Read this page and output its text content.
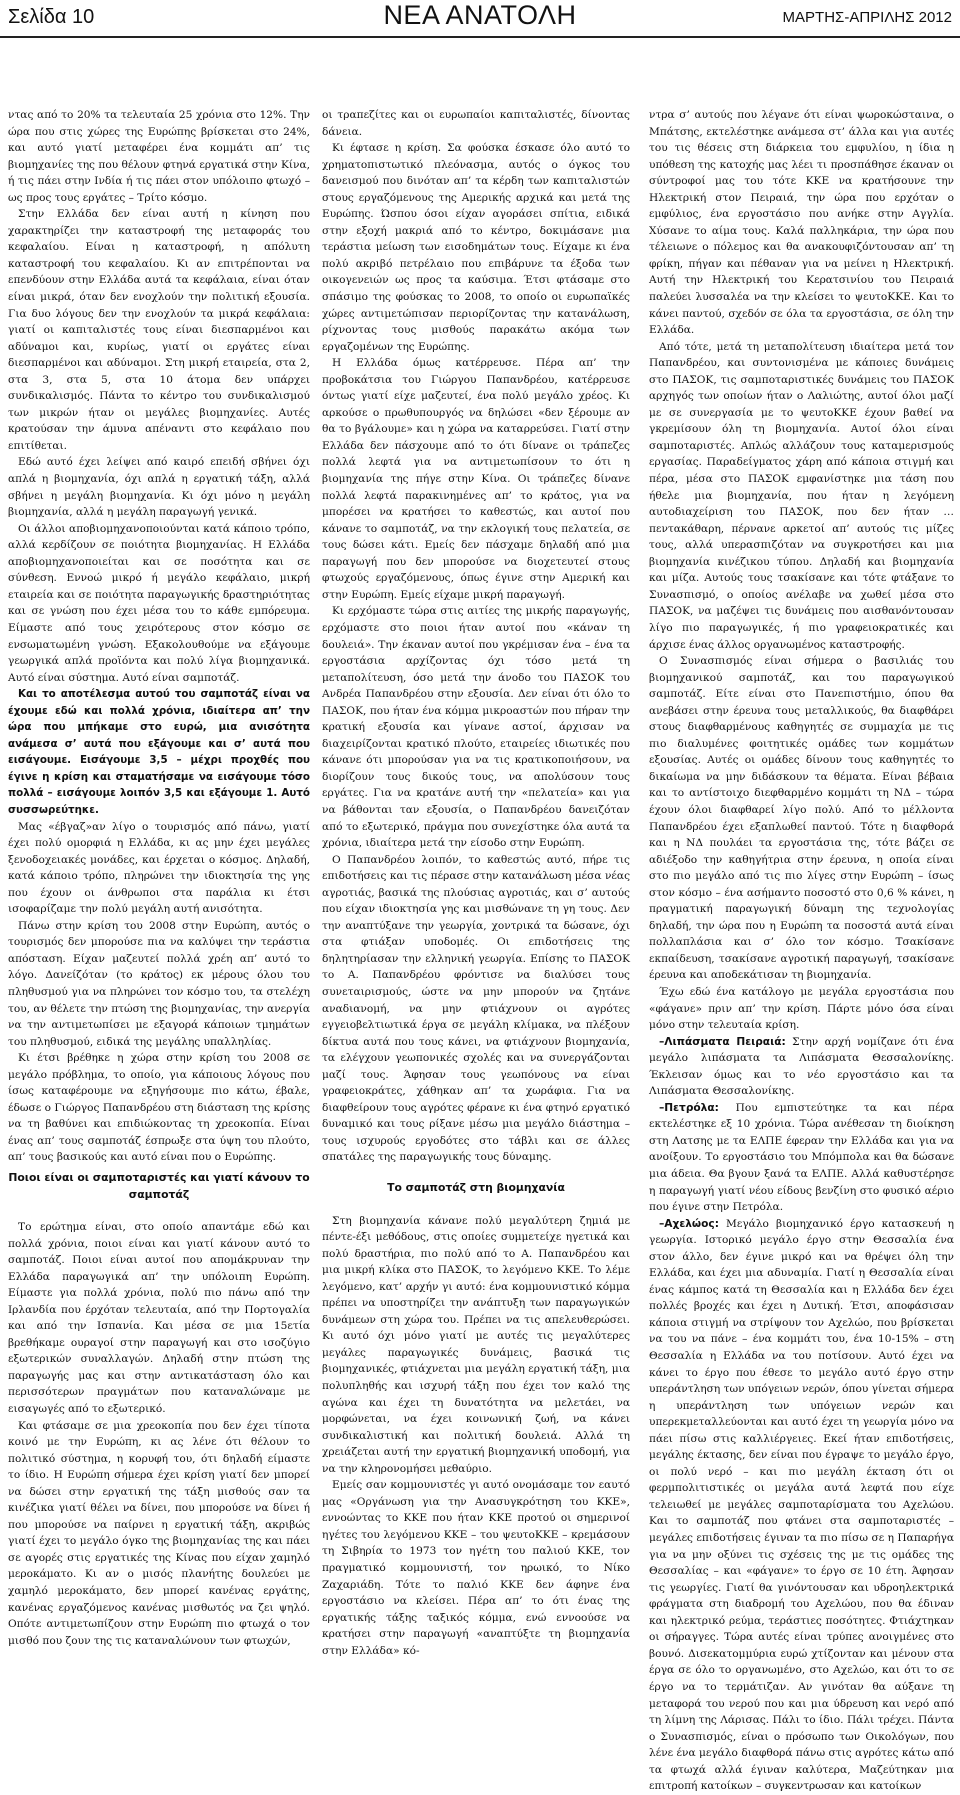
Σελίδα 10	ΝΕΑ ΑΝΑΤΟΛΗ	ΜΑΡΤΗΣ-ΑΠΡΙΛΗΣ 2012

ντας από το 20% τα τελευταία 25 χρόνια στο 12%. Την ώρα που στις χώρες της Ευρώπης βρίσκεται στο 24%, και αυτό γιατί μεταφέρει ένα κομμάτι απ’ τις βιομηχανίες της που θέλουν φτηνά εργατικά στην Κίνα, ή τις πάει στην Ινδία ή τις πάει στον υπόλοιπο φτωχό – ως προς τους εργάτες – Τρίτο κόσμο.

Στην Ελλάδα δεν είναι αυτή η κίνηση που χαρακτηρίζει την καταστροφή της μεταφοράς του κεφαλαίου. Είναι η καταστροφή, η απόλυτη καταστροφή του κεφαλαίου. Κι αν επιτρέπονται να επενδύουν στην Ελλάδα αυτά τα κεφάλαια, είναι όταν είναι μικρά, όταν δεν ενοχλούν την πολιτική εξουσία. Για δυο λόγους δεν την ενοχλούν τα μικρά κεφάλαια: γιατί οι καπιταλιστές τους είναι διεσπαρμένοι και αδύναμοι και, κυρίως, γιατί οι εργάτες είναι διεσπαρμένοι και αδύναμοι. Στη μικρή εταιρεία, στα 2, στα 3, στα 5, στα 10 άτομα δεν υπάρχει συνδικαλισμός. Πάντα το κέντρο του συνδικαλισμού των μικρών ήταν οι μεγάλες βιομηχανίες. Αυτές κρατούσαν την άμυνα απέναντι στο κεφάλαιο που επιτίθεται.

Εδώ αυτό έχει λείψει από καιρό επειδή σβήνει όχι απλά η βιομηχανία, όχι απλά η εργατική τάξη, αλλά σβήνει η μεγάλη βιομηχανία. Κι όχι μόνο η μεγάλη βιομηχανία, αλλά η μεγάλη παραγωγή γενικά.

Οι άλλοι αποβιομηχανοποιούνται κατά κάποιο τρόπο, αλλά κερδίζουν σε ποιότητα βιομηχανίας. Η Ελλάδα αποβιομηχανοποιείται και σε ποσότητα και σε σύνθεση. Εννοώ μικρό ή μεγάλο κεφάλαιο, μικρή εταιρεία και σε ποιότητα παραγωγικής δραστηριότητας και σε γνώση που έχει μέσα του το κάθε εμπόρευμα. Είμαστε από τους χειρότερους στον κόσμο σε ενσωματωμένη γνώση. Εξακολουθούμε να εξάγουμε γεωργικά απλά προϊόντα και πολύ λίγα βιομηχανικά. Αυτό είναι σύστημα. Αυτό είναι σαμποτάζ.

Και το αποτέλεσμα αυτού του σαμποτάζ είναι να έχουμε εδώ και πολλά χρόνια, ιδιαίτερα απ’ την ώρα που μπήκαμε στο ευρώ, μια ανισότητα ανάμεσα σ’ αυτά που εξάγουμε και σ’ αυτά που εισάγουμε. Εισάγουμε 3,5 – μέχρι προχθές που έγινε η κρίση και σταματήσαμε να εισάγουμε τόσο πολλά – εισάγουμε λοιπόν 3,5 και εξάγουμε 1. Αυτό συσσωρεύτηκε.

Μας «έβγαζ»αν λίγο ο τουρισμός από πάνω, γιατί έχει πολύ ομορφιά η Ελλάδα, κι ας μην έχει μεγάλες ξενοδοχειακές μονάδες, και έρχεται ο κόσμος. Δηλαδή, κατά κάποιο τρόπο, πληρώνει την ιδιοκτησία της γης που έχουν οι άνθρωποι στα παράλια κι έτσι ισοφαρίζαμε την πολύ μεγάλη αυτή ανισότητα.

Πάνω στην κρίση του 2008 στην Ευρώπη, αυτός ο τουρισμός δεν μπορούσε πια να καλύψει την τεράστια απόσταση. Είχαν μαζευτεί πολλά χρέη απ’ αυτό το λόγο. Δανείζόταν (το κράτος) εκ μέρους όλου του πληθυσμού για να πληρώνει τον κόσμο του, τα στελέχη του, αν θέλετε την πτώση της βιομηχανίας, την ανεργία να την αντιμετωπίσει με εξαγορά κάποιων τμημάτων του πληθυσμού, ειδικά της μεγάλης υπαλληλίας.

Κι έτσι βρέθηκε η χώρα στην κρίση του 2008 σε μεγάλο πρόβλημα, το οποίο, για κάποιους λόγους που ίσως καταφέρουμε να εξηγήσουμε πιο κάτω, έβαλε, έδωσε ο Γιώργος Παπανδρέου στη διάσταση της κρίσης να τη βαθύνει και επιδιώκοντας τη χρεοκοπία. Είναι ένας απ’ τους σαμποτάζ έσπρωξε στα ύψη του πλούτο, απ’ τους βασικούς και αυτό είναι που ο Ευρώπης.

Ποιοι είναι οι σαμποταριστές και γιατί κάνουν το σαμποτάζ

Το ερώτημα είναι, στο οποίο απαντάμε εδώ και πολλά χρόνια, ποιοι είναι και γιατί κάνουν αυτό το σαμποτάζ. Ποιοι είναι αυτοί που απομάκρυναν την Ελλάδα παραγωγικά απ’ την υπόλοιπη Ευρώπη. Είμαστε για πολλά χρόνια, πολύ πιο πάνω από την Ιρλανδία που έρχόταν τελευταία, από την Πορτογαλία και από την Ισπανία. Και μέσα σε μια 15ετία βρεθήκαμε ουραγοί στην παραγωγή και στο ισοζύγιο εξωτερικών συναλλαγών. Δηλαδή στην πτώση της παραγωγής μας και στην αντικατάσταση όλο και περισσότερων πραγμάτων που καταναλώναμε με εισαγωγές από το εξωτερικό.

Και φτάσαμε σε μια χρεοκοπία που δεν έχει τίποτα κοινό με την Ευρώπη, κι ας λένε ότι θέλουν το πολιτικό σύστημα, η κορυφή του, ότι δηλαδή είμαστε το ίδιο. Η Ευρώπη σήμερα έχει κρίση γιατί δεν μπορεί να δώσει στην εργατική της τάξη μισθούς σαν τα κινέζικα γιατί θέλει να δίνει, που μπορούσε να δίνει ή που μπορούσε να παίρνει η εργατική τάξη, ακριβώς γιατί έχει το μεγάλο όγκο της βιομηχανίας της και πάει σε αγορές στις εργατικές της Κίνας που είχαν χαμηλό μεροκάματο. Κι αν ο μισός πλανήτης δουλεύει με χαμηλό μεροκάματο, δεν μπορεί κανένας εργάτης, κανένας εργαζόμενος κανένας μισθωτός να ζει ψηλό. Οπότε αντιμετωπίζουν στην Ευρώπη πιο φτωχά ο τον μισθό που ζουν της τις καταναλώνουν των φτωχών,

οι τραπεζίτες και οι ευρωπαίοι καπιταλιστές, δίνοντας δάνεια.

Κι έφτασε η κρίση. Σα φούσκα έσκασε όλο αυτό το χρηματοπιστωτικό πλεόνασμα, αυτός ο όγκος του δανεισμού που δινόταν απ’ τα κέρδη των καπιταλιστών στους εργαζόμενους της Αμερικής αρχικά και μετά της Ευρώπης. Ώσπου όσοι είχαν αγοράσει σπίτια, ειδικά στην εξοχή μακριά από το κέντρο, δοκιμάσανε μια τεράστια μείωση των εισοδημάτων τους. Είχαμε κι ένα πολύ ακριβό πετρέλαιο που επιβάρυνε τα έξοδα των οικογενειών ως προς τα καύσιμα. Έτσι φτάσαμε στο σπάσιμο της φούσκας το 2008, το οποίο οι ευρωπαϊκές χώρες αντιμετώπισαν περιορίζοντας την κατανάλωση, ρίχνοντας τους μισθούς παρακάτω ακόμα των εργαζομένων της Ευρώπης.

Η Ελλάδα όμως κατέρρευσε. Πέρα απ’ την προβοκάτσια του Γιώργου Παπανδρέου, κατέρρευσε όντως γιατί είχε μαζευτεί, ένα πολύ μεγάλο χρέος. Κι αρκούσε ο πρωθυπουργός να δηλώσει «δεν ξέρουμε αν θα το βγάλουμε» και η χώρα να καταρρεύσει. Γιατί στην Ελλάδα δεν πάσχουμε από το ότι δίνανε οι τράπεζες πολλά λεφτά για να αντιμετωπίσουν το ότι η βιομηχανία της πήγε στην Κίνα. Οι τράπεζες δίνανε πολλά λεφτά παρακινημένες απ’ το κράτος, για να μπορέσει να κρατήσει το καθεστώς, και αυτοί που κάνανε το σαμποτάζ, να την εκλογική τους πελατεία, σε τους δώσει κάτι. Εμείς δεν πάσχαμε δηλαδή από μια παραγωγή που δεν μπορούσε να διοχετευτεί στους φτωχούς εργαζόμενους, όπως έγινε στην Αμερική και στην Ευρώπη. Εμείς είχαμε μικρή παραγωγή.

Κι ερχόμαστε τώρα στις αιτίες της μικρής παραγωγής, ερχόμαστε στο ποιοι ήταν αυτοί που «κάναν τη δουλειά». Την έκαναν αυτοί που γκρέμισαν ένα – ένα τα εργοστάσια αρχίζοντας όχι τόσο μετά τη μεταπολίτευση, όσο μετά την άνοδο του ΠΑΣΟΚ του Ανδρέα Παπανδρέου στην εξουσία. Δεν είναι ότι όλο το ΠΑΣΟΚ, που ήταν ένα κόμμα μικροαστών που πήραν την κρατική εξουσία και γίνανε αστοί, άρχισαν να διαχειρίζονται κρατικό πλούτο, εταιρείες ιδιωτικές που κάνανε ότι μπορούσαν για να τις κρατικοποιήσουν, να διορίζουν τους δικούς τους, να απολύσουν τους εργάτες. Για να κρατάνε αυτή την «πελατεία» και για να βάθονται ταν εξουσία, ο Παπανδρέου δανειζόταν από το εξωτερικό, πράγμα που συνεχίστηκε όλα αυτά τα χρόνια, ιδιαίτερα μετά την είσοδο στην Ευρώπη.

Ο Παπανδρέου λοιπόν, το καθεστώς αυτό, πήρε τις επιδοτήσεις και τις πέρασε στην κατανάλωση μέσα νέας αγροτιάς, βασικά της πλούσιας αγροτιάς, και σ’ αυτούς που είχαν ιδιοκτησία γης και μισθώνανε τη γη τους. Δεν την αναπτύξανε την γεωργία, χοντρικά τα δώσανε, όχι στα φτιάξαν υποδομές. Οι επιδοτήσεις της δηλητηρίασαν την ελληνική γεωργία. Επίσης το ΠΑΣΟΚ το Α. Παπανδρέου φρόντισε να διαλύσει τους συνεταιρισμούς, ώστε να μην μπορούν να ζητάνε αναδιανομή, να μην φτιάχνουν οι αγρότες εγγειοβελτιωτικά έργα σε μεγάλη κλίμακα, να πλέξουν δίκτυα αυτά που τους κάνει, να φτιάχνουν βιομηχανία, τα ελέγχουν γεωπονικές σχολές και να συνεργάζονται μαζί τους. Άφησαν τους γεωπόνους να είναι γραφειοκράτες, χάθηκαν απ’ τα χωράφια. Για να διαφθείρουν τους αγρότες φέρανε κι ένα φτηνό εργατικό δυναμικό και τους ρίξανε μέσω μια μεγάλο διάστημα – τους ισχυρούς εργοδότες στο τάβλι και σε άλλες σπατάλες της παραγωγικής τους δύναμης.

Το σαμποτάζ στη βιομηχανία

Στη βιομηχανία κάνανε πολύ μεγαλύτερη ζημιά με πέντε-έξι μεθόδους, στις οποίες συμμετείχε ηγετικά και πολύ δραστήρια, πιο πολύ από το Α. Παπανδρέου και μια μικρή κλίκα στο ΠΑΣΟΚ, το λεγόμενο ΚΚΕ. Το λέμε λεγόμενο, κατ’ αρχήν γι αυτό: ένα κομμουνιστικό κόμμα πρέπει να υποστηρίζει την ανάπτυξη των παραγωγικών δυνάμεων στη χώρα του. Πρέπει να τις απελευθερώσει. Κι αυτό όχι μόνο γιατί με αυτές τις μεγαλύτερες μεγάλες παραγωγικές δυνάμεις, βασικά τις βιομηχανικές, φτιάχνεται μια μεγάλη εργατική τάξη, μια πολυπληθής και ισχυρή τάξη που έχει τον καλό της αγώνα και έχει τη δυνατότητα να μελετάει, να μορφώνεται, να έχει κοινωνική ζωή, να κάνει συνδικαλιστική και πολιτική δουλειά. Αλλά τη χρειάζεται αυτή την εργατική βιομηχανική υποδομή, για να την κληρονομήσει μεθαύριο.

Εμείς σαν κομμουνιστές γι αυτό ονομάσαμε τον εαυτό μας «Οργάνωση για την Ανασυγκρότηση του ΚΚΕ», εννοώντας το ΚΚΕ που ήταν ΚΚΕ προτού οι σημερινοί ηγέτες του λεγόμενου ΚΚΕ – του ψευτοΚΚΕ – κρεμάσουν τη Σιβηρία το 1973 τον ηγέτη του παλιού ΚΚΕ, τον πραγματικό κομμουνιστή, τον ηρωικό, το Νίκο Ζαχαριάδη. Τότε το παλιό ΚΚΕ δεν άφηνε ένα εργοστάσιο να κλείσει. Πέρα απ’ το ότι ένας της εργατικής τάξης ταξικός κόμμα, ενώ εννοούσε να κρατήσει στην παραγωγή «αναπτύξτε τη βιομηχανία στην Ελλάδα» κό-

ντρα σ’ αυτούς που λέγανε ότι είναι ψωροκώσταινα, ο Μπάτσης, εκτελέστηκε ανάμεσα στ’ άλλα και για αυτές του τις θέσεις στη διάρκεια του εμφυλίου, η ίδια η υπόθεση της κατοχής μας λέει τι προσπάθησε έκαναν οι σύντροφοί μας του τότε ΚΚΕ να κρατήσουνε την Ηλεκτρική στον Πειραιά, την ώρα που ερχόταν ο εμφύλιος, ένα εργοστάσιο που ανήκε στην Αγγλία. Χύσανε το αίμα τους. Καλά παλληκάρια, την ώρα που τέλειωνε ο πόλεμος και θα ανακουφιζόντουσαν απ’ τη φρίκη, πήγαν και πέθαναν για να μείνει η Ηλεκτρική. Αυτή την Ηλεκτρική του Κερατσινίου του Πειραιά παλεύει λυσσαλέα να την κλείσει το ψευτοΚΚΕ. Και το κάνει παντού, σχεδόν σε όλα τα εργοστάσια, σε όλη την Ελλάδα.

Από τότε, μετά τη μεταπολίτευση ιδιαίτερα μετά τον Παπανδρέου, και συντονισμένα με κάποιες δυνάμεις στο ΠΑΣΟΚ, τις σαμποταριστικές δυνάμεις του ΠΑΣΟΚ αρχηγός των οποίων ήταν ο Λαλιώτης, αυτοί όλοι μαζί με σε συνεργασία με το ψευτοΚΚΕ έχουν βαθεί να γκρεμίσουν όλη τη βιομηχανία. Αυτοί όλοι είναι σαμποταριστές. Απλώς αλλάζουν τους καταμερισμούς εργασίας. Παραδείγματος χάρη από κάποια στιγμή και πέρα, μέσα στο ΠΑΣΟΚ εμφανίστηκε μια τάση που ήθελε μια βιομηχανία, που ήταν η λεγόμενη αυτοδιαχείριση του ΠΑΣΟΚ, που δεν ήταν …πεντακάθαρη, πέρνανε αρκετοί απ’ αυτούς τις μίζες τους, αλλά υπερασπιζόταν να συγκροτήσει και μια βιομηχανία κινέζικου τύπου. Δηλαδή και βιομηχανία και μίζα. Αυτούς τους τσακίσανε και τότε φτάξανε το Συνασπισμό, ο οποίος ανέλαβε να χωθεί μέσα στο ΠΑΣΟΚ, να μαζέψει τις δυνάμεις που αισθανόντουσαν λίγο πιο παραγωγικές, ή πιο γραφειοκρατικές και άρχισε ένας άλλος οργανωμένος καταστροφής.

Ο Συνασπισμός είναι σήμερα ο βασιλιάς του βιομηχανικού σαμποτάζ, και του παραγωγικού σαμποτάζ. Είτε είναι στο Πανεπιστήμιο, όπου θα ανεβάσει στην έρευνα τους μεταλλικούς, θα διαφθάρει στους διαφθαρμένους καθηγητές σε συμμαχία με τις πιο διαλυμένες φοιτητικές ομάδες των κομμάτων εξουσίας. Αυτές οι ομάδες δίνουν τους καθηγητές το δικαίωμα να μην διδάσκουν τα θέματα. Είναι βέβαια και το αντίστοιχο διεφθαρμένο κομμάτι τη ΝΔ – τώρα έχουν όλοι διαφθαρεί λίγο πολύ. Από το μέλλοντα Παπανδρέου έχει εξαπλωθεί παντού. Τότε η διαφθορά και η ΝΔ πουλάει τα εργοστάσια της, τότε βάζει σε αδιέξοδο την καθηγήτρια στην έρευνα, η οποία είναι στο πιο μεγάλο από τις πιο λίγες στην Ευρώπη – ίσως στον κόσμο – ένα ασήμαντο ποσοστό στο 0,6 % κάνει, η πραγματική παραγωγική δύναμη της τεχνολογίας δηλαδή, την ώρα που η Ευρώπη τα ποσοστά αυτά είναι πολλαπλάσια και σ’ όλο τον κόσμο. Τσακίσανε εκπαίδευση, τσακίσανε αγροτική παραγωγή, τσακίσανε έρευνα και αποδεκάτισαν τη βιομηχανία.

Έχω εδώ ένα κατάλογο με μεγάλα εργοστάσια που «φάγανε» πριν απ’ την κρίση. Πάρτε μόνο όσα είναι μόνο στην τελευταία κρίση.

–Λιπάσματα Πειραιά: Στην αρχή νομίζανε ότι ένα μεγάλο λιπάσματα τα Λιπάσματα Θεσσαλονίκης. Έκλεισαν όμως και το νέο εργοστάσιο και τα Λιπάσματα Θεσσαλονίκης.

–Πετρόλα: Που εμπιστεύτηκε τα και πέρα εκτελέστηκε εξ 10 χρόνια. Τώρα ανέθεσαν τη διοίκηση στη Λατσης με τα ΕΛΠΕ έφεραν την Ελλάδα και για να ανοίξουν. Το εργοστάσιο του Μπόμπολα και θα δώσανε μια άδεια. Θα βγουν ξανά τα ΕΛΠΕ. Αλλά καθυστέρησε η παραγωγή γιατί νέου είδους βενζίνη στο φυσικό αέριο που έγινε στην Πετρόλα.

–Αχελώος: Μεγάλο βιομηχανικό έργο κατασκευή η γεωργία. Ιστορικό μεγάλο έργο στην Θεσσαλία ένα στον άλλο, δεν έγινε μικρό και να θρέψει όλη την Ελλάδα, και έχει μια αδυναμία. Γιατί η Θεσσαλία είναι ένας κάμπος κατά τη Θεσσαλία και η Ελλάδα δεν έχει πολλές βροχές και έχει η Δυτική. Έτσι, αποφάσισαν κάποια στιγμή να στρίψουν τον Αχελώο, που βρίσκεται να του να πάνε – ένα κομμάτι του, ένα 10-15% – στη Θεσσαλία η Ελλάδα να του ποτίσουν. Αυτό έχει να κάνει το έργο που έθεσε το μεγάλο αυτό έργο στην υπεράντληση των υπόγειων νερών, όπου γίνεται σήμερα η υπεράντληση των υπόγειων νερών και υπερεκμεταλλεύονται και αυτό έχει τη γεωργία μόνο να πάει πίσω στις καλλιέργειες. Εκεί ήταν επιδοτήσεις, μεγάλης έκτασης, δεν είναι που έγραψε το μεγάλο έργο, οι πολύ νερό – και πιο μεγάλη έκταση ότι οι φερμπολιτιστικές οι μεγάλα αυτά λεφτά που είχε τελειωθεί με μεγάλες σαμποταρίσματα του Αχελώου. Και το σαμποτάζ που φτάνει στα σαμποταριστές – μεγάλες επιδοτήσεις έγιναν τα πιο πίσω σε η Παπαρήγα για να μην οξύνει τις σχέσεις της με τις ομάδες της Θεσσαλίας – και «φάγανε» το έργο σε 10 έτη. Άφησαν τις γεωργίες. Γιατί θα γινόντουσαν και υδροηλεκτρικά φράγματα στη διαδρομή του Αχελώου, που θα έδιναν και ηλεκτρικό ρεύμα, τεράστιες ποσότητες. Φτιάχτηκαν οι σήραγγες. Τώρα αυτές είναι τρύπες ανοιγμένες στο βουνό. Δισεκατομμύρια ευρώ χτίζονταν και μένουν στα έργα σε όλο το οργανωμένο, στο Αχελώο, και ότι το σε έργο να το τερμάτιζαν. Αν γινόταν θα αύξανε τη μεταφορά του νερού που και μια ύδρευση και νερό από τη λίμνη της Λάρισας. Πάλι το ίδιο. Πάλι τρέχει. Πάντα ο Συνασπισμός, είναι ο πρόσωπο των Οικολόγων, που λένε ένα μεγάλο διαφθορά πάνω στις αγρότες κάτω από τα φτωχά αλλά έγιναν καλύτερα, Μαζεύτηκαν μια επιτροπή κατοίκων – συγκεντρωσαν και κατοίκων
